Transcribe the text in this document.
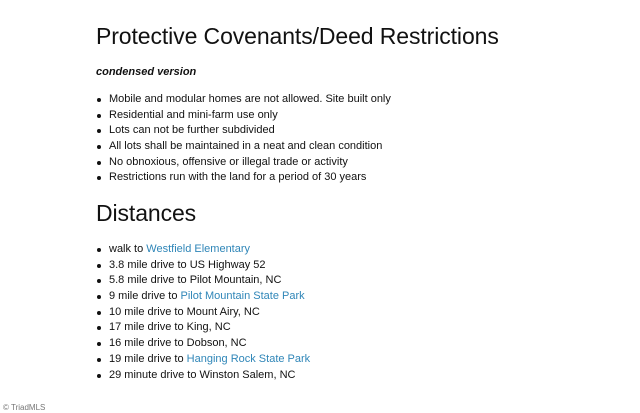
Protective Covenants/Deed Restrictions
condensed version
Mobile and modular homes are not allowed. Site built only
Residential and mini-farm use only
Lots can not be further subdivided
All lots shall be maintained in a neat and clean condition
No obnoxious, offensive or illegal trade or activity
Restrictions run with the land for a period of 30 years
Distances
walk to Westfield Elementary
3.8 mile drive to US Highway 52
5.8 mile drive to Pilot Mountain, NC
9 mile drive to Pilot Mountain State Park
10 mile drive to Mount Airy, NC
17 mile drive to King, NC
16 mile drive to Dobson, NC
19 mile drive to Hanging Rock State Park
29 minute drive to Winston Salem, NC
© TriadMLS
